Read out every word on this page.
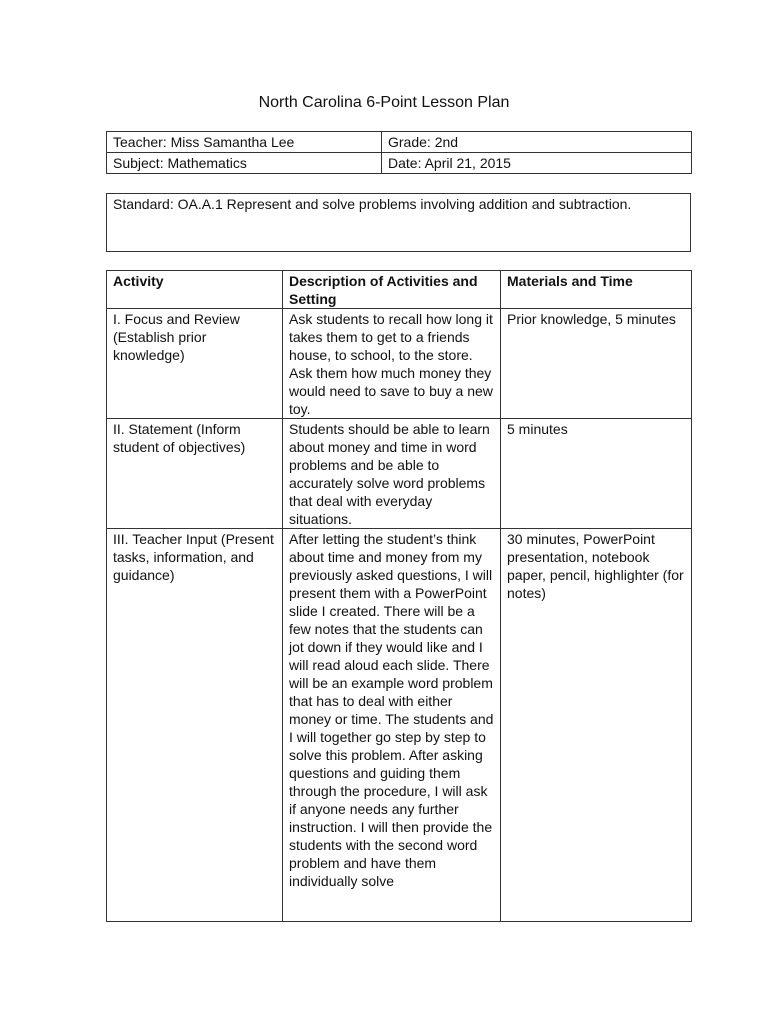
North Carolina 6-Point Lesson Plan
Teacher: Miss Samantha Lee	Grade: 2nd
Subject: Mathematics	Date: April 21, 2015
Standard: OA.A.1 Represent and solve problems involving addition and subtraction.
Activity	Description of Activities and Setting	Materials and Time
I. Focus and Review (Establish prior knowledge)	Ask students to recall how long it takes them to get to a friends house, to school, to the store. Ask them how much money they would need to save to buy a new toy.	Prior knowledge, 5 minutes
II. Statement (Inform student of objectives)	Students should be able to learn about money and time in word problems and be able to accurately solve word problems that deal with everyday situations.	5 minutes
III. Teacher Input (Present tasks, information, and guidance)	After letting the student’s think about time and money from my previously asked questions, I will present them with a PowerPoint slide I created. There will be a few notes that the students can jot down if they would like and I will read aloud each slide. There will be an example word problem that has to deal with either money or time. The students and I will together go step by step to solve this problem. After asking questions and guiding them through the procedure, I will ask if anyone needs any further instruction. I will then provide the students with the second word problem and have them individually solve	30 minutes, PowerPoint presentation, notebook paper, pencil, highlighter (for notes)
